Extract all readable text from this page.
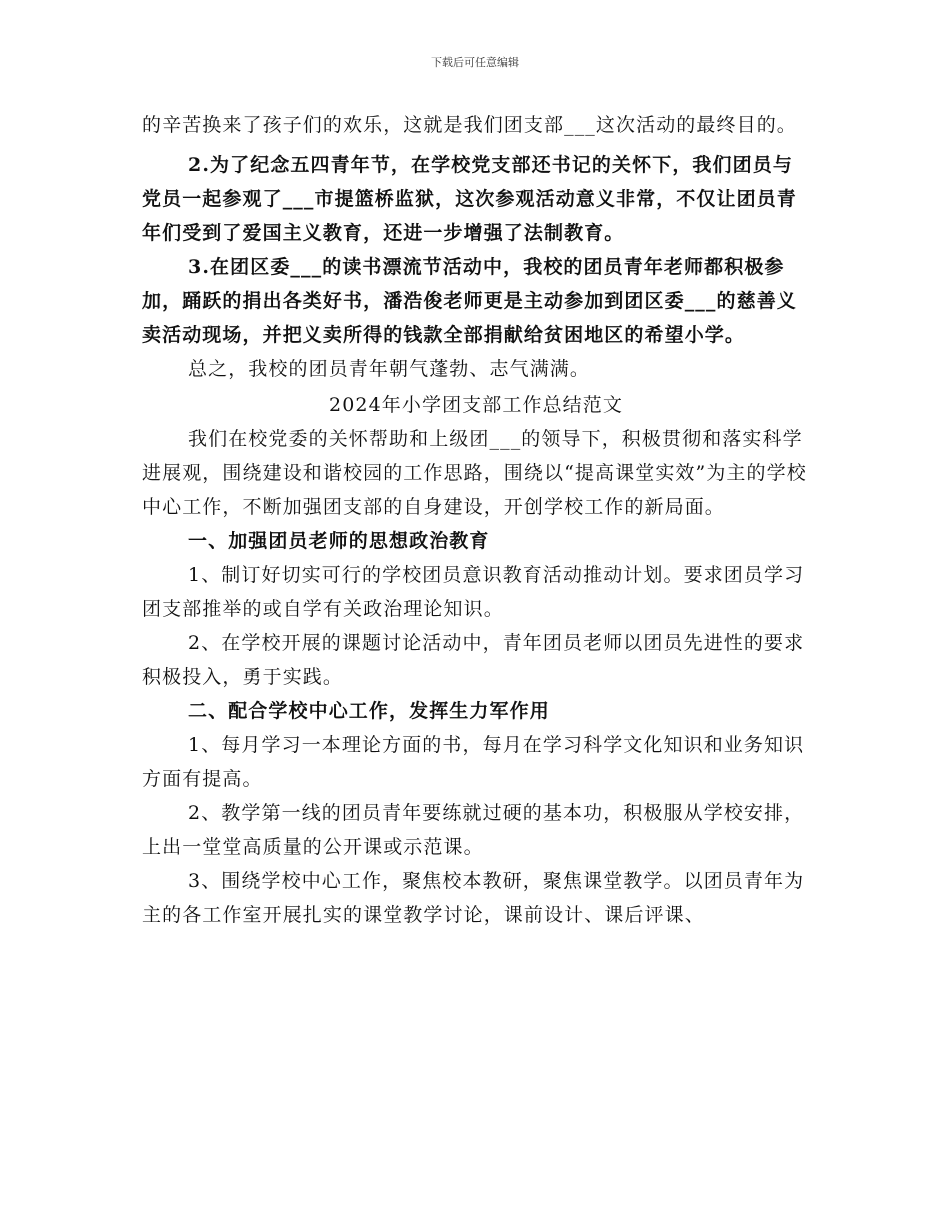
下载后可任意编辑

的辛苦换来了孩子们的欢乐，这就是我们团支部___这次活动的最终目的。

2.为了纪念五四青年节，在学校党支部还书记的关怀下，我们团员与党员一起参观了___市提篮桥监狱，这次参观活动意义非常，不仅让团员青年们受到了爱国主义教育，还进一步增强了法制教育。

3.在团区委___的读书漂流节活动中，我校的团员青年老师都积极参加，踊跃的捐出各类好书，潘浩俊老师更是主动参加到团区委___的慈善义卖活动现场，并把义卖所得的钱款全部捐献给贫困地区的希望小学。

总之，我校的团员青年朝气蓬勃、志气满满。

2024年小学团支部工作总结范文

我们在校党委的关怀帮助和上级团___的领导下，积极贯彻和落实科学进展观，围绕建设和谐校园的工作思路，围绕以“提高课堂实效”为主的学校中心工作，不断加强团支部的自身建设，开创学校工作的新局面。

一、加强团员老师的思想政治教育

1、制订好切实可行的学校团员意识教育活动推动计划。要求团员学习团支部推举的或自学有关政治理论知识。

2、在学校开展的课题讨论活动中，青年团员老师以团员先进性的要求积极投入，勇于实践。

二、配合学校中心工作，发挥生力军作用

1、每月学习一本理论方面的书，每月在学习科学文化知识和业务知识方面有提高。

2、教学第一线的团员青年要练就过硬的基本功，积极服从学校安排，上出一堂堂高质量的公开课或示范课。

3、围绕学校中心工作，聚焦校本教研，聚焦课堂教学。以团员青年为主的各工作室开展扎实的课堂教学讨论，课前设计、课后评课、
